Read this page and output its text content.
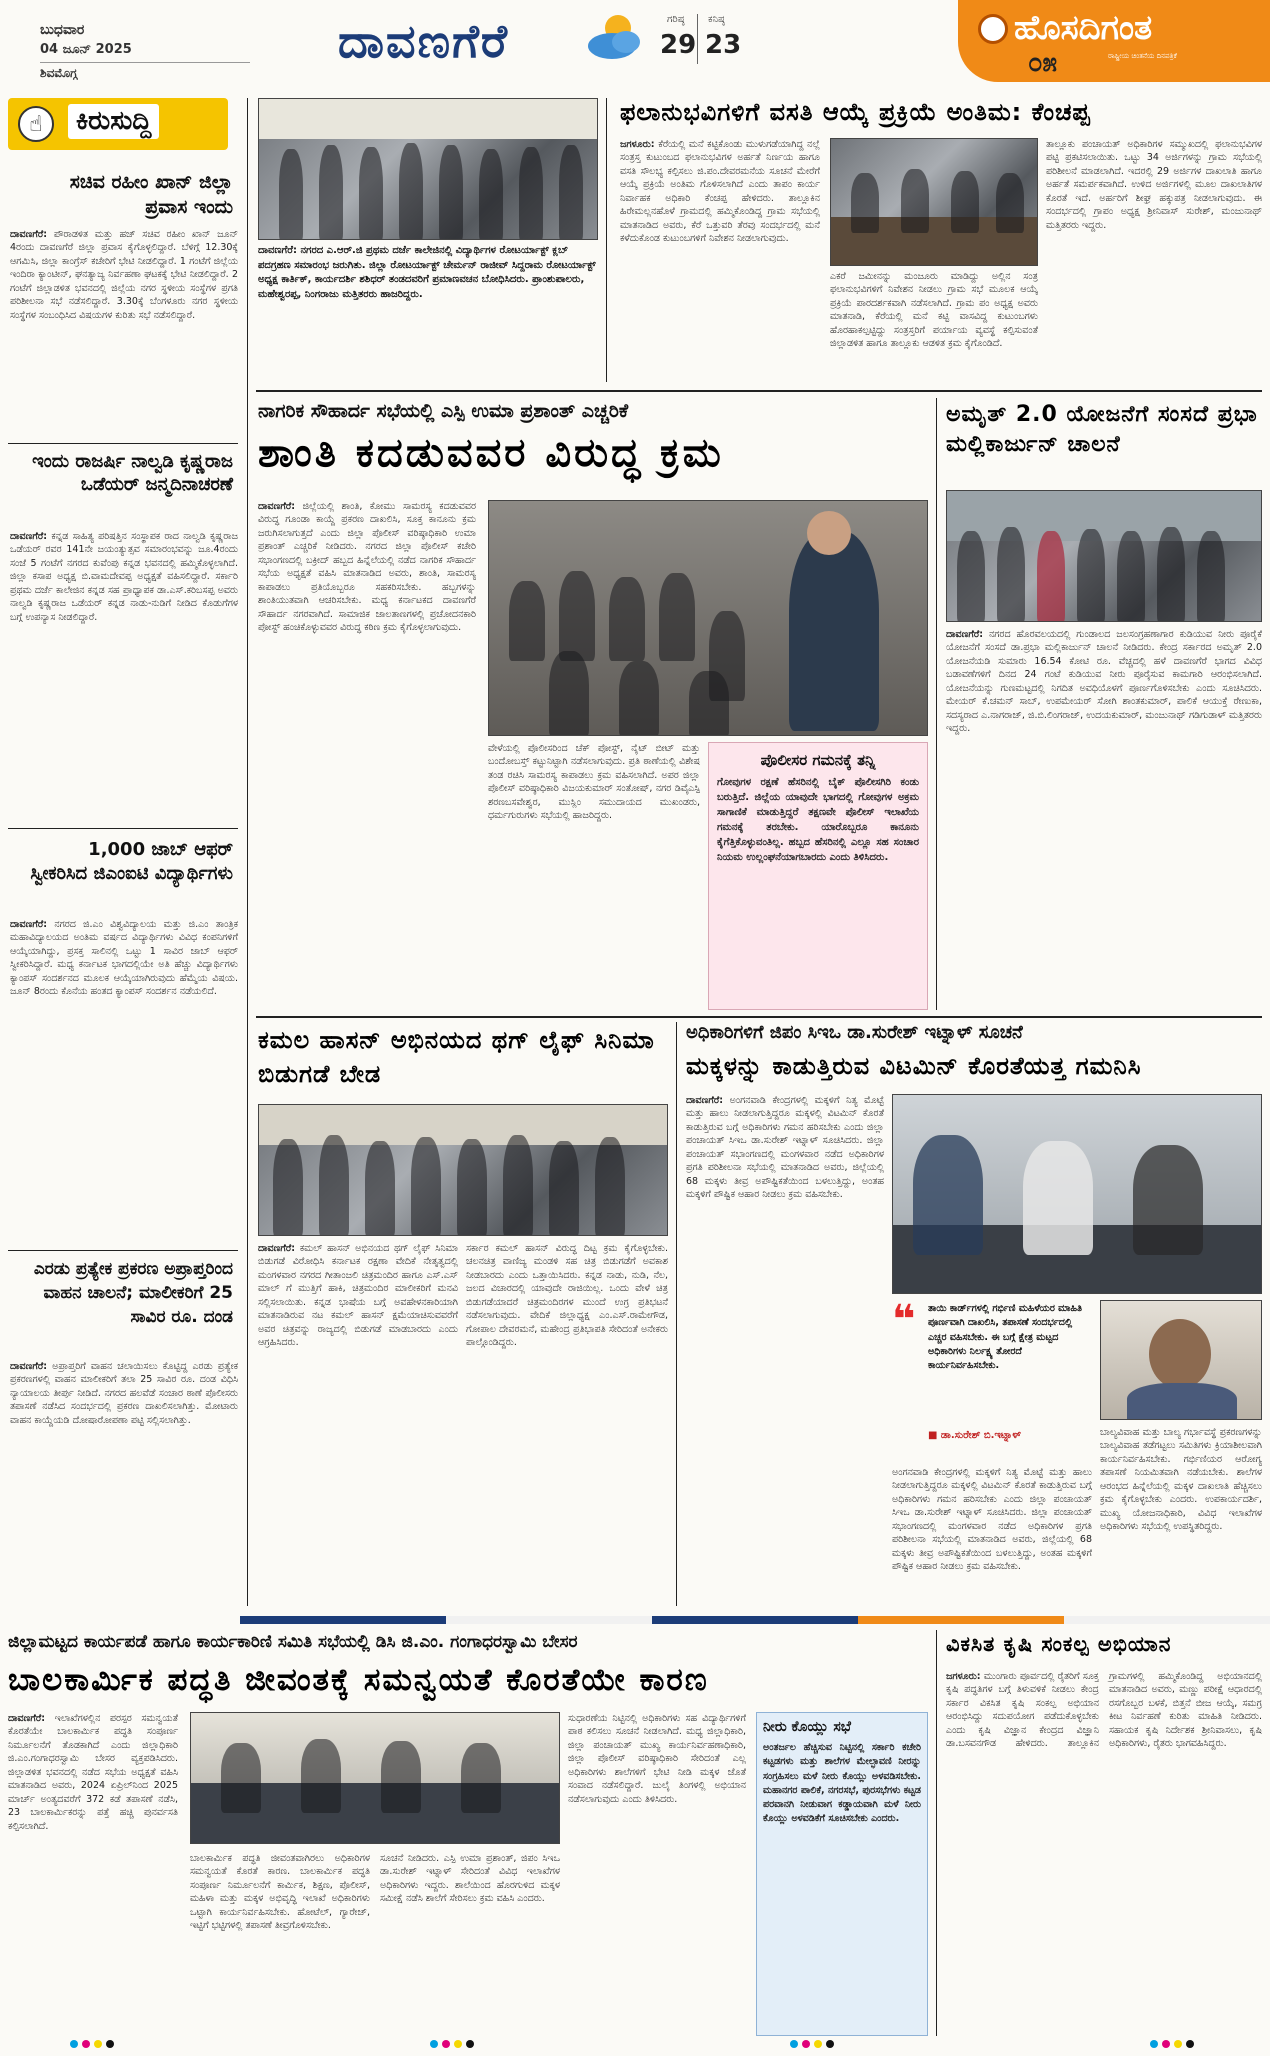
ಬುಧವಾರ
04 ಜೂನ್ 2025
ಶಿವಮೊಗ್ಗ
ದಾವಣಗೆರೆ	ಗರಿಷ್ಠ
29
ಕನಿಷ್ಠ
23	ಹೊಸದಿಗಂತ
ರಾಷ್ಟ್ರೀಯ ಚಿಂತನೆಯ ದಿನಪತ್ರಿಕೆ
೦೫
☝	ಕಿರುಸುದ್ದಿ
ಸಚಿವ ರಹೀಂ ಖಾನ್ ಜಿಲ್ಲಾ ಪ್ರವಾಸ ಇಂದು
ದಾವಣಗೆರೆ: ಪೌರಾಡಳಿತ ಮತ್ತು ಹಜ್ ಸಚಿವ ರಹೀಂ ಖಾನ್ ಜೂನ್ 4ರಂದು ದಾವಣಗೆರೆ ಜಿಲ್ಲಾ ಪ್ರವಾಸ ಕೈಗೊಳ್ಳಲಿದ್ದಾರೆ. ಬೆಳಿಗ್ಗೆ 12.30ಕ್ಕೆ ಆಗಮಿಸಿ, ಜಿಲ್ಲಾ ಕಾಂಗ್ರೆಸ್ ಕಚೇರಿಗೆ ಭೇಟಿ ನೀಡಲಿದ್ದಾರೆ. 1 ಗಂಟೆಗೆ ಜಿಲ್ಲೆಯ ಇಂದಿರಾ ಕ್ಯಾಂಟೀನ್, ಘನತ್ಯಾಜ್ಯ ನಿರ್ವಹಣಾ ಘಟಕಕ್ಕೆ ಭೇಟಿ ನೀಡಲಿದ್ದಾರೆ. 2 ಗಂಟೆಗೆ ಜಿಲ್ಲಾಡಳಿತ ಭವನದಲ್ಲಿ ಜಿಲ್ಲೆಯ ನಗರ ಸ್ಥಳೀಯ ಸಂಸ್ಥೆಗಳ ಪ್ರಗತಿ ಪರಿಶೀಲನಾ ಸಭೆ ನಡೆಸಲಿದ್ದಾರೆ. 3.30ಕ್ಕೆ ಬೆಂಗಳೂರು ನಗರ ಸ್ಥಳೀಯ ಸಂಸ್ಥೆಗಳ ಸಂಬಂಧಿಸಿದ ವಿಷಯಗಳ ಕುರಿತು ಸಭೆ ನಡೆಸಲಿದ್ದಾರೆ.
ಇಂದು ರಾಜರ್ಷಿ ನಾಲ್ವಡಿ ಕೃಷ್ಣರಾಜ ಒಡೆಯರ್ ಜನ್ಮದಿನಾಚರಣೆ
ದಾವಣಗೆರೆ: ಕನ್ನಡ ಸಾಹಿತ್ಯ ಪರಿಷತ್ತಿನ ಸಂಸ್ಥಾಪಕ ರಾದ ನಾಲ್ವಡಿ ಕೃಷ್ಣರಾಜ ಒಡೆಯರ್ ರವರ 141ನೇ ಜಯಂತ್ಯುತ್ಸವ ಸಮಾರಂಭವನ್ನು ಜೂ.4ರಂದು ಸಂಜೆ 5 ಗಂಟೆಗೆ ನಗರದ ಕುವೆಂಪು ಕನ್ನಡ ಭವನದಲ್ಲಿ ಹಮ್ಮಿಕೊಳ್ಳಲಾಗಿದೆ. ಜಿಲ್ಲಾ ಕಸಾಪ ಅಧ್ಯಕ್ಷ ಬಿ.ವಾಮದೇವಪ್ಪ ಅಧ್ಯಕ್ಷತೆ ವಹಿಸಲಿದ್ದಾರೆ. ಸರ್ಕಾರಿ ಪ್ರಥಮ ದರ್ಜೆ ಕಾಲೇಜಿನ ಕನ್ನಡ ಸಹ ಪ್ರಾಧ್ಯಾಪಕ ಡಾ.ಎಸ್.ಕರಿಬಸಪ್ಪ ಅವರು ನಾಲ್ವಡಿ ಕೃಷ್ಣರಾಜ ಒಡೆಯರ್ ಕನ್ನಡ ನಾಡು-ನುಡಿಗೆ ನೀಡಿದ ಕೊಡುಗೆಗಳ ಬಗ್ಗೆ ಉಪನ್ಯಾಸ ನೀಡಲಿದ್ದಾರೆ.
1,000 ಜಾಬ್ ಆಫರ್ ಸ್ವೀಕರಿಸಿದ ಜಿಎಂಐಟಿ ವಿದ್ಯಾರ್ಥಿಗಳು
ದಾವಣಗೆರೆ: ನಗರದ ಜಿ.ಎಂ ವಿಶ್ವವಿದ್ಯಾಲಯ ಮತ್ತು ಜಿ.ಎಂ ತಾಂತ್ರಿಕ ಮಹಾವಿದ್ಯಾಲಯದ ಅಂತಿಮ ವರ್ಷದ ವಿದ್ಯಾರ್ಥಿಗಳು ವಿವಿಧ ಕಂಪನಿಗಳಿಗೆ ಆಯ್ಕೆಯಾಗಿದ್ದು, ಪ್ರಸಕ್ತ ಸಾಲಿನಲ್ಲಿ ಒಟ್ಟು 1 ಸಾವಿರ ಜಾಬ್ ಆಫರ್ ಸ್ವೀಕರಿಸಿದ್ದಾರೆ. ಮಧ್ಯ ಕರ್ನಾಟಕ ಭಾಗದಲ್ಲಿಯೇ ಅತಿ ಹೆಚ್ಚು ವಿದ್ಯಾರ್ಥಿಗಳು ಕ್ಯಾಂಪಸ್ ಸಂದರ್ಶನದ ಮೂಲಕ ಆಯ್ಕೆಯಾಗಿರುವುದು ಹೆಮ್ಮೆಯ ವಿಷಯ. ಜೂನ್ 8ರಂದು ಕೊನೆಯ ಹಂತದ ಕ್ಯಾಂಪಸ್ ಸಂದರ್ಶನ ನಡೆಯಲಿದೆ.
ಎರಡು ಪ್ರತ್ಯೇಕ ಪ್ರಕರಣ ಅಪ್ರಾಪ್ತರಿಂದ ವಾಹನ ಚಾಲನೆ; ಮಾಲೀಕರಿಗೆ 25 ಸಾವಿರ ರೂ. ದಂಡ
ದಾವಣಗೆರೆ: ಅಪ್ರಾಪ್ತರಿಗೆ ವಾಹನ ಚಲಾಯಿಸಲು ಕೊಟ್ಟಿದ್ದ ಎರಡು ಪ್ರತ್ಯೇಕ ಪ್ರಕರಣಗಳಲ್ಲಿ ವಾಹನ ಮಾಲೀಕರಿಗೆ ತಲಾ 25 ಸಾವಿರ ರೂ. ದಂಡ ವಿಧಿಸಿ ನ್ಯಾಯಾಲಯ ತೀರ್ಪು ನೀಡಿದೆ. ನಗರದ ಹಲವೆಡೆ ಸಂಚಾರ ಠಾಣೆ ಪೊಲೀಸರು ತಪಾಸಣೆ ನಡೆಸಿದ ಸಂದರ್ಭದಲ್ಲಿ ಪ್ರಕರಣ ದಾಖಲಿಸಲಾಗಿತ್ತು. ಮೋಟಾರು ವಾಹನ ಕಾಯ್ದೆಯಡಿ ದೋಷಾರೋಪಣಾ ಪಟ್ಟಿ ಸಲ್ಲಿಸಲಾಗಿತ್ತು.
ದಾವಣಗೆರೆ: ನಗರದ ಎ.ಆರ್.ಜಿ ಪ್ರಥಮ ದರ್ಜೆ ಕಾಲೇಜಿನಲ್ಲಿ ವಿದ್ಯಾರ್ಥಿಗಳ ರೋಟರ್ಯಾಕ್ಟ್ ಕ್ಲಬ್ ಪದಗ್ರಹಣ ಸಮಾರಂಭ ಜರುಗಿತು. ಜಿಲ್ಲಾ ರೋಟರ್ಯಾಕ್ಟ್ ಚೇರ್ಮನ್ ರಾಜೀವ್ ಸಿದ್ದರಾಮ ರೋಟರ್ಯಾಕ್ಟ್ ಅಧ್ಯಕ್ಷ ಕಾರ್ತಿಕ್, ಕಾರ್ಯದರ್ಶಿ ಶಶಿಧರ್ ತಂಡದವರಿಗೆ ಪ್ರಮಾಣವಚನ ಬೋಧಿಸಿದರು. ಪ್ರಾಂಶುಪಾಲರು, ಮಹೇಶ್ವರಪ್ಪ, ನಿಂಗರಾಜು ಮತ್ತಿತರರು ಹಾಜರಿದ್ದರು.
ಫಲಾನುಭವಿಗಳಿಗೆ ವಸತಿ ಆಯ್ಕೆ ಪ್ರಕ್ರಿಯೆ ಅಂತಿಮ: ಕೆಂಚಪ್ಪ
ಜಗಳೂರು: ಕೆರೆಯಲ್ಲಿ ಮನೆ ಕಟ್ಟಿಕೊಂಡು ಮುಳುಗಡೆಯಾಗಿದ್ದ ನಲ್ಲೆ ಸಂತ್ರಸ್ತ ಕುಟುಂಬದ ಫಲಾನುಭವಿಗಳ ಅರ್ಹತೆ ನಿರ್ಣಯ ಹಾಗೂ ವಸತಿ ಸೌಲಭ್ಯ ಕಲ್ಪಿಸಲು ಜಿ.ಪಂ.ದೇವರಮನೆಯ ಸೂಚನೆ ಮೇರೆಗೆ ಆಯ್ಕೆ ಪ್ರಕ್ರಿಯೆ ಅಂತಿಮ ಗೊಳಿಸಲಾಗಿದೆ ಎಂದು ತಾಪಂ ಕಾರ್ಯ ನಿರ್ವಾಹಕ ಅಧಿಕಾರಿ ಕೆಂಚಪ್ಪ ಹೇಳಿದರು. ತಾಲ್ಲೂಕಿನ ಹಿರೇಮಲ್ಲನಹೊಳೆ ಗ್ರಾಮದಲ್ಲಿ ಹಮ್ಮಿಕೊಂಡಿದ್ದ ಗ್ರಾಮ ಸಭೆಯಲ್ಲಿ ಮಾತನಾಡಿದ ಅವರು, ಕೆರೆ ಒತ್ತುವರಿ ತೆರವು ಸಂದರ್ಭದಲ್ಲಿ ಮನೆ ಕಳೆದುಕೊಂಡ ಕುಟುಂಬಗಳಿಗೆ ನಿವೇಶನ ನೀಡಲಾಗುವುದು.
ಎಕರೆ ಜಮೀನನ್ನು ಮಂಜೂರು ಮಾಡಿದ್ದು ಅಲ್ಲಿನ ಸಂತ್ರ ಫಲಾನುಭವಿಗಳಿಗೆ ನಿವೇಶನ ನೀಡಲು ಗ್ರಾಮ ಸಭೆ ಮೂಲಕ ಆಯ್ಕೆ ಪ್ರಕ್ರಿಯೆ ಪಾರದರ್ಶಕವಾಗಿ ನಡೆಸಲಾಗಿದೆ. ಗ್ರಾಮ ಪಂ ಅಧ್ಯಕ್ಷ ಅವರು ಮಾತನಾಡಿ, ಕೆರೆಯಲ್ಲಿ ಮನೆ ಕಟ್ಟಿ ವಾಸವಿದ್ದ ಕುಟುಂಬಗಳು ಹೊರಹಾಕಲ್ಪಟ್ಟಿದ್ದು ಸಂತ್ರಸ್ತರಿಗೆ ಪರ್ಯಾಯ ವ್ಯವಸ್ಥೆ ಕಲ್ಪಿಸುವಂತೆ ಜಿಲ್ಲಾಡಳಿತ ಹಾಗೂ ತಾಲ್ಲೂಕು ಆಡಳಿತ ಕ್ರಮ ಕೈಗೊಂಡಿದೆ.
ತಾಲ್ಲೂಕು ಪಂಚಾಯತ್ ಅಧಿಕಾರಿಗಳ ಸಮ್ಮುಖದಲ್ಲಿ ಫಲಾನುಭವಿಗಳ ಪಟ್ಟಿ ಪ್ರಕಟಿಸಲಾಯಿತು. ಒಟ್ಟು 34 ಅರ್ಜಿಗಳನ್ನು ಗ್ರಾಮ ಸಭೆಯಲ್ಲಿ ಪರಿಶೀಲನೆ ಮಾಡಲಾಗಿದೆ. ಇದರಲ್ಲಿ 29 ಅರ್ಜಿಗಳ ದಾಖಲಾತಿ ಹಾಗೂ ಅರ್ಹತೆ ಸಮರ್ಪಕವಾಗಿದೆ. ಉಳಿದ ಅರ್ಜಿಗಳಲ್ಲಿ ಮೂಲ ದಾಖಲಾತಿಗಳ ಕೊರತೆ ಇದೆ. ಅರ್ಹರಿಗೆ ಶೀಘ್ರ ಹಕ್ಕುಪತ್ರ ನೀಡಲಾಗುವುದು. ಈ ಸಂದರ್ಭದಲ್ಲಿ ಗ್ರಾಪಂ ಅಧ್ಯಕ್ಷ ಶ್ರೀನಿವಾಸ್ ಸುರೇಶ್, ಮಂಜುನಾಥ್ ಮತ್ತಿತರರು ಇದ್ದರು.
ನಾಗರಿಕ ಸೌಹಾರ್ದ ಸಭೆಯಲ್ಲಿ ಎಸ್ಪಿ ಉಮಾ ಪ್ರಶಾಂತ್ ಎಚ್ಚರಿಕೆ
ಶಾಂತಿ ಕದಡುವವರ ವಿರುದ್ಧ ಕ್ರಮ
ದಾವಣಗೆರೆ: ಜಿಲ್ಲೆಯಲ್ಲಿ ಶಾಂತಿ, ಕೋಮು ಸಾಮರಸ್ಯ ಕದಡುವವರ ವಿರುದ್ಧ ಗೂಂಡಾ ಕಾಯ್ದೆ ಪ್ರಕರಣ ದಾಖಲಿಸಿ, ಸೂಕ್ತ ಕಾನೂನು ಕ್ರಮ ಜರುಗಿಸಲಾಗುತ್ತದೆ ಎಂದು ಜಿಲ್ಲಾ ಪೊಲೀಸ್ ವರಿಷ್ಠಾಧಿಕಾರಿ ಉಮಾ ಪ್ರಶಾಂತ್ ಎಚ್ಚರಿಕೆ ನೀಡಿದರು. ನಗರದ ಜಿಲ್ಲಾ ಪೊಲೀಸ್ ಕಚೇರಿ ಸಭಾಂಗಣದಲ್ಲಿ ಬಕ್ರೀದ್ ಹಬ್ಬದ ಹಿನ್ನೆಲೆಯಲ್ಲಿ ನಡೆದ ನಾಗರಿಕ ಸೌಹಾರ್ದ ಸಭೆಯ ಅಧ್ಯಕ್ಷತೆ ವಹಿಸಿ ಮಾತನಾಡಿದ ಅವರು, ಶಾಂತಿ, ಸಾಮರಸ್ಯ ಕಾಪಾಡಲು ಪ್ರತಿಯೊಬ್ಬರೂ ಸಹಕರಿಸಬೇಕು. ಹಬ್ಬಗಳನ್ನು ಶಾಂತಿಯುತವಾಗಿ ಆಚರಿಸಬೇಕು. ಮಧ್ಯ ಕರ್ನಾಟಕದ ದಾವಣಗೆರೆ ಸೌಹಾರ್ದ ನಗರವಾಗಿದೆ. ಸಾಮಾಜಿಕ ಜಾಲತಾಣಗಳಲ್ಲಿ ಪ್ರಚೋದನಕಾರಿ ಪೋಸ್ಟ್ ಹಂಚಿಕೊಳ್ಳುವವರ ವಿರುದ್ಧ ಕಠಿಣ ಕ್ರಮ ಕೈಗೊಳ್ಳಲಾಗುವುದು.
ವೇಳೆಯಲ್ಲಿ ಪೊಲೀಸರಿಂದ ಚೆಕ್ ಪೋಸ್ಟ್, ನೈಟ್ ಬೀಟ್ ಮತ್ತು ಬಂದೋಬಸ್ತ್ ಕಟ್ಟುನಿಟ್ಟಾಗಿ ನಡೆಸಲಾಗುವುದು. ಪ್ರತಿ ಠಾಣೆಯಲ್ಲಿ ವಿಶೇಷ ತಂಡ ರಚಿಸಿ ಸಾಮರಸ್ಯ ಕಾಪಾಡಲು ಕ್ರಮ ವಹಿಸಲಾಗಿದೆ. ಅಪರ ಜಿಲ್ಲಾ ಪೊಲೀಸ್ ವರಿಷ್ಠಾಧಿಕಾರಿ ವಿಜಯಕುಮಾರ್ ಸಂತೋಷ್, ನಗರ ಡಿವೈಎಸ್ಪಿ ಶರಣಬಸವೇಶ್ವರ, ಮುಸ್ಲಿಂ ಸಮುದಾಯದ ಮುಖಂಡರು, ಧರ್ಮಗುರುಗಳು ಸಭೆಯಲ್ಲಿ ಹಾಜರಿದ್ದರು.
ಪೊಲೀಸರ ಗಮನಕ್ಕೆ ತನ್ನಿ
ಗೋವುಗಳ ರಕ್ಷಣೆ ಹೆಸರಿನಲ್ಲಿ ಬೈಕ್ ಪೊಲೀಸಗಿರಿ ಕಂಡು ಬರುತ್ತಿದೆ. ಜಿಲ್ಲೆಯ ಯಾವುದೇ ಭಾಗದಲ್ಲಿ ಗೋವುಗಳ ಅಕ್ರಮ ಸಾಗಾಣಿಕೆ ಮಾಡುತ್ತಿದ್ದರೆ ತಕ್ಷಣವೇ ಪೊಲೀಸ್ ಇಲಾಖೆಯ ಗಮನಕ್ಕೆ ತರಬೇಕು. ಯಾರೊಬ್ಬರೂ ಕಾನೂನು ಕೈಗೆತ್ತಿಕೊಳ್ಳುವಂತಿಲ್ಲ. ಹಬ್ಬದ ಹೆಸರಿನಲ್ಲಿ ಎಲ್ಲೂ ಸಹ ಸಂಚಾರ ನಿಯಮ ಉಲ್ಲಂಘನೆಯಾಗಬಾರದು ಎಂದು ತಿಳಿಸಿದರು.
ಅಮೃತ್ 2.0 ಯೋಜನೆಗೆ ಸಂಸದೆ ಪ್ರಭಾ ಮಲ್ಲಿಕಾರ್ಜುನ್ ಚಾಲನೆ
ದಾವಣಗೆರೆ: ನಗರದ ಹೊರವಲಯದಲ್ಲಿ ಗುಂಡಾಲದ ಜಲಸಂಗ್ರಹಣಾಗಾರ ಕುಡಿಯುವ ನೀರು ಪೂರೈಕೆ ಯೋಜನೆಗೆ ಸಂಸದೆ ಡಾ.ಪ್ರಭಾ ಮಲ್ಲಿಕಾರ್ಜುನ್ ಚಾಲನೆ ನೀಡಿದರು. ಕೇಂದ್ರ ಸರ್ಕಾರದ ಅಮೃತ್ 2.0 ಯೋಜನೆಯಡಿ ಸುಮಾರು 16.54 ಕೋಟಿ ರೂ. ವೆಚ್ಚದಲ್ಲಿ ಹಳೆ ದಾವಣಗೆರೆ ಭಾಗದ ವಿವಿಧ ಬಡಾವಣೆಗಳಿಗೆ ದಿನದ 24 ಗಂಟೆ ಕುಡಿಯುವ ನೀರು ಪೂರೈಸುವ ಕಾಮಗಾರಿ ಆರಂಭಿಸಲಾಗಿದೆ. ಯೋಜನೆಯನ್ನು ಗುಣಮಟ್ಟದಲ್ಲಿ ನಿಗದಿತ ಅವಧಿಯೊಳಗೆ ಪೂರ್ಣಗೊಳಿಸಬೇಕು ಎಂದು ಸೂಚಿಸಿದರು. ಮೇಯರ್ ಕೆ.ಚಮನ್ ಸಾಬ್, ಉಪಮೇಯರ್ ಸೋಗಿ ಶಾಂತಕುಮಾರ್, ಪಾಲಿಕೆ ಆಯುಕ್ತೆ ರೇಣುಕಾ, ಸದಸ್ಯರಾದ ಎ.ನಾಗರಾಜ್, ಜಿ.ಬಿ.ಲಿಂಗರಾಜ್, ಉದಯಕುಮಾರ್, ಮಂಜುನಾಥ್ ಗಡಿಗುಡಾಳ್ ಮತ್ತಿತರರು ಇದ್ದರು.
ಕಮಲ ಹಾಸನ್ ಅಭಿನಯದ ಥಗ್ ಲೈಫ್ ಸಿನಿಮಾ ಬಿಡುಗಡೆ ಬೇಡ
ದಾವಣಗೆರೆ: ಕಮಲ್ ಹಾಸನ್ ಅಭಿನಯದ ಥಗ್ ಲೈಫ್ ಸಿನಿಮಾ ಬಿಡುಗಡೆ ವಿರೋಧಿಸಿ ಕರ್ನಾಟಕ ರಕ್ಷಣಾ ವೇದಿಕೆ ನೇತೃತ್ವದಲ್ಲಿ ಮಂಗಳವಾರ ನಗರದ ಗೀತಾಂಜಲಿ ಚಿತ್ರಮಂದಿರ ಹಾಗೂ ಎಸ್.ಎಸ್ ಮಾಲ್ ಗೆ ಮುತ್ತಿಗೆ ಹಾಕಿ, ಚಿತ್ರಮಂದಿರ ಮಾಲೀಕರಿಗೆ ಮನವಿ ಸಲ್ಲಿಸಲಾಯಿತು. ಕನ್ನಡ ಭಾಷೆಯ ಬಗ್ಗೆ ಅವಹೇಳನಕಾರಿಯಾಗಿ ಮಾತನಾಡಿರುವ ನಟ ಕಮಲ್ ಹಾಸನ್ ಕ್ಷಮೆಯಾಚಿಸುವವರೆಗೆ ಅವರ ಚಿತ್ರವನ್ನು ರಾಜ್ಯದಲ್ಲಿ ಬಿಡುಗಡೆ ಮಾಡಬಾರದು ಎಂದು ಆಗ್ರಹಿಸಿದರು.
ಸರ್ಕಾರ ಕಮಲ್ ಹಾಸನ್ ವಿರುದ್ಧ ದಿಟ್ಟ ಕ್ರಮ ಕೈಗೊಳ್ಳಬೇಕು. ಚಲನಚಿತ್ರ ವಾಣಿಜ್ಯ ಮಂಡಳಿ ಸಹ ಚಿತ್ರ ಬಿಡುಗಡೆಗೆ ಅವಕಾಶ ನೀಡಬಾರದು ಎಂದು ಒತ್ತಾಯಿಸಿದರು. ಕನ್ನಡ ನಾಡು, ನುಡಿ, ನೆಲ, ಜಲದ ವಿಚಾರದಲ್ಲಿ ಯಾವುದೇ ರಾಜಿಯಿಲ್ಲ. ಒಂದು ವೇಳೆ ಚಿತ್ರ ಬಿಡುಗಡೆಯಾದರೆ ಚಿತ್ರಮಂದಿರಗಳ ಮುಂದೆ ಉಗ್ರ ಪ್ರತಿಭಟನೆ ನಡೆಸಲಾಗುವುದು. ವೇದಿಕೆ ಜಿಲ್ಲಾಧ್ಯಕ್ಷ ಎಂ.ಎಸ್.ರಾಮೇಗೌಡ, ಗೋಪಾಲ ದೇವರಮನೆ, ಮಹೇಂದ್ರ ಪ್ರತಿಭಾಪತಿ ಸೇರಿದಂತೆ ಅನೇಕರು ಪಾಲ್ಗೊಂಡಿದ್ದರು.
ಅಧಿಕಾರಿಗಳಿಗೆ ಜಿಪಂ ಸಿಇಒ ಡಾ.ಸುರೇಶ್ ಇಟ್ನಾಳ್ ಸೂಚನೆ
ಮಕ್ಕಳನ್ನು ಕಾಡುತ್ತಿರುವ ವಿಟಮಿನ್ ಕೊರತೆಯತ್ತ ಗಮನಿಸಿ
ದಾವಣಗೆರೆ: ಅಂಗನವಾಡಿ ಕೇಂದ್ರಗಳಲ್ಲಿ ಮಕ್ಕಳಿಗೆ ನಿತ್ಯ ಮೊಟ್ಟೆ ಮತ್ತು ಹಾಲು ನೀಡಲಾಗುತ್ತಿದ್ದರೂ ಮಕ್ಕಳಲ್ಲಿ ವಿಟಮಿನ್ ಕೊರತೆ ಕಾಡುತ್ತಿರುವ ಬಗ್ಗೆ ಅಧಿಕಾರಿಗಳು ಗಮನ ಹರಿಸಬೇಕು ಎಂದು ಜಿಲ್ಲಾ ಪಂಚಾಯತ್ ಸಿಇಒ ಡಾ.ಸುರೇಶ್ ಇಟ್ನಾಳ್ ಸೂಚಿಸಿದರು. ಜಿಲ್ಲಾ ಪಂಚಾಯತ್ ಸಭಾಂಗಣದಲ್ಲಿ ಮಂಗಳವಾರ ನಡೆದ ಅಧಿಕಾರಿಗಳ ಪ್ರಗತಿ ಪರಿಶೀಲನಾ ಸಭೆಯಲ್ಲಿ ಮಾತನಾಡಿದ ಅವರು, ಜಿಲ್ಲೆಯಲ್ಲಿ 68 ಮಕ್ಕಳು ತೀವ್ರ ಅಪೌಷ್ಟಿಕತೆಯಿಂದ ಬಳಲುತ್ತಿದ್ದು, ಅಂತಹ ಮಕ್ಕಳಿಗೆ ಪೌಷ್ಟಿಕ ಆಹಾರ ನೀಡಲು ಕ್ರಮ ವಹಿಸಬೇಕು.
❝ ತಾಯಿ ಕಾರ್ಡ್‌ಗಳಲ್ಲಿ ಗರ್ಭಿಣಿ ಮಹಿಳೆಯರ ಮಾಹಿತಿ ಪೂರ್ಣವಾಗಿ ದಾಖಲಿಸಿ, ತಪಾಸಣೆ ಸಂದರ್ಭದಲ್ಲಿ ಎಚ್ಚರ ವಹಿಸಬೇಕು. ಈ ಬಗ್ಗೆ ಕ್ಷೇತ್ರ ಮಟ್ಟದ ಅಧಿಕಾರಿಗಳು ನಿರ್ಲಕ್ಷ್ಯ ತೋರದೆ ಕಾರ್ಯನಿರ್ವಹಿಸಬೇಕು.
■ ಡಾ.ಸುರೇಶ್ ಬಿ.ಇಟ್ನಾಳ್	ಬಾಲ್ಯವಿವಾಹ ಮತ್ತು ಬಾಲ್ಯ ಗರ್ಭಾವಸ್ಥೆ ಪ್ರಕರಣಗಳನ್ನು ಬಾಲ್ಯವಿವಾಹ ತಡೆಗಟ್ಟಲು ಸಮಿತಿಗಳು ಕ್ರಿಯಾಶೀಲವಾಗಿ ಕಾರ್ಯನಿರ್ವಹಿಸಬೇಕು. ಗರ್ಭಿಣಿಯರ ಆರೋಗ್ಯ ತಪಾಸಣೆ ನಿಯಮಿತವಾಗಿ ನಡೆಯಬೇಕು. ಶಾಲೆಗಳ ಆರಂಭದ ಹಿನ್ನೆಲೆಯಲ್ಲಿ ಮಕ್ಕಳ ದಾಖಲಾತಿ ಹೆಚ್ಚಿಸಲು ಕ್ರಮ ಕೈಗೊಳ್ಳಬೇಕು ಎಂದರು. ಉಪಕಾರ್ಯದರ್ಶಿ, ಮುಖ್ಯ ಯೋಜನಾಧಿಕಾರಿ, ವಿವಿಧ ಇಲಾಖೆಗಳ ಅಧಿಕಾರಿಗಳು ಸಭೆಯಲ್ಲಿ ಉಪಸ್ಥಿತರಿದ್ದರು.
ಅಂಗನವಾಡಿ ಕೇಂದ್ರಗಳಲ್ಲಿ ಮಕ್ಕಳಿಗೆ ನಿತ್ಯ ಮೊಟ್ಟೆ ಮತ್ತು ಹಾಲು ನೀಡಲಾಗುತ್ತಿದ್ದರೂ ಮಕ್ಕಳಲ್ಲಿ ವಿಟಮಿನ್ ಕೊರತೆ ಕಾಡುತ್ತಿರುವ ಬಗ್ಗೆ ಅಧಿಕಾರಿಗಳು ಗಮನ ಹರಿಸಬೇಕು ಎಂದು ಜಿಲ್ಲಾ ಪಂಚಾಯತ್ ಸಿಇಒ ಡಾ.ಸುರೇಶ್ ಇಟ್ನಾಳ್ ಸೂಚಿಸಿದರು. ಜಿಲ್ಲಾ ಪಂಚಾಯತ್ ಸಭಾಂಗಣದಲ್ಲಿ ಮಂಗಳವಾರ ನಡೆದ ಅಧಿಕಾರಿಗಳ ಪ್ರಗತಿ ಪರಿಶೀಲನಾ ಸಭೆಯಲ್ಲಿ ಮಾತನಾಡಿದ ಅವರು, ಜಿಲ್ಲೆಯಲ್ಲಿ 68 ಮಕ್ಕಳು ತೀವ್ರ ಅಪೌಷ್ಟಿಕತೆಯಿಂದ ಬಳಲುತ್ತಿದ್ದು, ಅಂತಹ ಮಕ್ಕಳಿಗೆ ಪೌಷ್ಟಿಕ ಆಹಾರ ನೀಡಲು ಕ್ರಮ ವಹಿಸಬೇಕು.
ಜಿಲ್ಲಾಮಟ್ಟದ ಕಾರ್ಯಪಡೆ ಹಾಗೂ ಕಾರ್ಯಕಾರಿಣಿ ಸಮಿತಿ ಸಭೆಯಲ್ಲಿ ಡಿಸಿ ಜಿ.ಎಂ. ಗಂಗಾಧರಸ್ವಾಮಿ ಬೇಸರ
ಬಾಲಕಾರ್ಮಿಕ ಪದ್ಧತಿ ಜೀವಂತಕ್ಕೆ ಸಮನ್ವಯತೆ ಕೊರತೆಯೇ ಕಾರಣ
ದಾವಣಗೆರೆ: ಇಲಾಖೆಗಳಲ್ಲಿನ ಪರಸ್ಪರ ಸಮನ್ವಯತೆ ಕೊರತೆಯೇ ಬಾಲಕಾರ್ಮಿಕ ಪದ್ಧತಿ ಸಂಪೂರ್ಣ ನಿರ್ಮೂಲನೆಗೆ ತೊಡಕಾಗಿದೆ ಎಂದು ಜಿಲ್ಲಾಧಿಕಾರಿ ಜಿ.ಎಂ.ಗಂಗಾಧರಸ್ವಾಮಿ ಬೇಸರ ವ್ಯಕ್ತಪಡಿಸಿದರು. ಜಿಲ್ಲಾಡಳಿತ ಭವನದಲ್ಲಿ ನಡೆದ ಸಭೆಯ ಅಧ್ಯಕ್ಷತೆ ವಹಿಸಿ ಮಾತನಾಡಿದ ಅವರು, 2024 ಏಪ್ರಿಲ್‌ನಿಂದ 2025 ಮಾರ್ಚ್ ಅಂತ್ಯದವರೆಗೆ 372 ಕಡೆ ತಪಾಸಣೆ ನಡೆಸಿ, 23 ಬಾಲಕಾರ್ಮಿಕರನ್ನು ಪತ್ತೆ ಹಚ್ಚಿ ಪುನರ್ವಸತಿ ಕಲ್ಪಿಸಲಾಗಿದೆ.
ಬಾಲಕಾರ್ಮಿಕ ಪದ್ಧತಿ ಜೀವಂತವಾಗಿರಲು ಅಧಿಕಾರಿಗಳ ಸಮನ್ವಯತೆ ಕೊರತೆ ಕಾರಣ. ಬಾಲಕಾರ್ಮಿಕ ಪದ್ಧತಿ ಸಂಪೂರ್ಣ ನಿರ್ಮೂಲನೆಗೆ ಕಾರ್ಮಿಕ, ಶಿಕ್ಷಣ, ಪೊಲೀಸ್, ಮಹಿಳಾ ಮತ್ತು ಮಕ್ಕಳ ಅಭಿವೃದ್ಧಿ ಇಲಾಖೆ ಅಧಿಕಾರಿಗಳು ಒಟ್ಟಾಗಿ ಕಾರ್ಯನಿರ್ವಹಿಸಬೇಕು. ಹೋಟೆಲ್, ಗ್ಯಾರೇಜ್, ಇಟ್ಟಿಗೆ ಭಟ್ಟಿಗಳಲ್ಲಿ ತಪಾಸಣೆ ತೀವ್ರಗೊಳಿಸಬೇಕು.
ಸೂಚನೆ ನೀಡಿದರು. ಎಸ್ಪಿ ಉಮಾ ಪ್ರಶಾಂತ್, ಜಿಪಂ ಸಿಇಒ ಡಾ.ಸುರೇಶ್ ಇಟ್ನಾಳ್ ಸೇರಿದಂತೆ ವಿವಿಧ ಇಲಾಖೆಗಳ ಅಧಿಕಾರಿಗಳು ಇದ್ದರು. ಶಾಲೆಯಿಂದ ಹೊರಗುಳಿದ ಮಕ್ಕಳ ಸಮೀಕ್ಷೆ ನಡೆಸಿ ಶಾಲೆಗೆ ಸೇರಿಸಲು ಕ್ರಮ ವಹಿಸಿ ಎಂದರು.
ಸುಧಾರಣೆಯ ನಿಟ್ಟಿನಲ್ಲಿ ಅಧಿಕಾರಿಗಳು ಸಹ ವಿದ್ಯಾರ್ಥಿಗಳಿಗೆ ಪಾಠ ಕಲಿಸಲು ಸೂಚನೆ ನೀಡಲಾಗಿದೆ. ಮಧ್ಯ ಜಿಲ್ಲಾಧಿಕಾರಿ, ಜಿಲ್ಲಾ ಪಂಚಾಯತ್ ಮುಖ್ಯ ಕಾರ್ಯನಿರ್ವಹಣಾಧಿಕಾರಿ, ಜಿಲ್ಲಾ ಪೊಲೀಸ್ ವರಿಷ್ಠಾಧಿಕಾರಿ ಸೇರಿದಂತೆ ಎಲ್ಲ ಅಧಿಕಾರಿಗಳು ಶಾಲೆಗಳಿಗೆ ಭೇಟಿ ನೀಡಿ ಮಕ್ಕಳ ಜೊತೆ ಸಂವಾದ ನಡೆಸಲಿದ್ದಾರೆ. ಜುಲೈ ತಿಂಗಳಲ್ಲಿ ಅಭಿಯಾನ ನಡೆಸಲಾಗುವುದು ಎಂದು ತಿಳಿಸಿದರು.
ನೀರು ಕೊಯ್ಲು ಸಭೆ
ಅಂತರ್ಜಲ ಹೆಚ್ಚಿಸುವ ನಿಟ್ಟಿನಲ್ಲಿ ಸರ್ಕಾರಿ ಕಚೇರಿ ಕಟ್ಟಡಗಳು ಮತ್ತು ಶಾಲೆಗಳ ಮೇಲ್ಛಾವಣಿ ನೀರನ್ನು ಸಂಗ್ರಹಿಸಲು ಮಳೆ ನೀರು ಕೊಯ್ಲು ಅಳವಡಿಸಬೇಕು. ಮಹಾನಗರ ಪಾಲಿಕೆ, ನಗರಸಭೆ, ಪುರಸಭೆಗಳು ಕಟ್ಟಡ ಪರವಾನಗಿ ನೀಡುವಾಗ ಕಡ್ಡಾಯವಾಗಿ ಮಳೆ ನೀರು ಕೊಯ್ಲು ಅಳವಡಿಕೆಗೆ ಸೂಚಿಸಬೇಕು ಎಂದರು.
ವಿಕಸಿತ ಕೃಷಿ ಸಂಕಲ್ಪ ಅಭಿಯಾನ
ಜಗಳೂರು: ಮುಂಗಾರು ಪೂರ್ವದಲ್ಲಿ ರೈತರಿಗೆ ಸೂಕ್ತ ಕೃಷಿ ಪದ್ಧತಿಗಳ ಬಗ್ಗೆ ತಿಳುವಳಿಕೆ ನೀಡಲು ಕೇಂದ್ರ ಸರ್ಕಾರ ವಿಕಸಿತ ಕೃಷಿ ಸಂಕಲ್ಪ ಅಭಿಯಾನ ಆರಂಭಿಸಿದ್ದು ಸದುಪಯೋಗ ಪಡೆದುಕೊಳ್ಳಬೇಕು ಎಂದು ಕೃಷಿ ವಿಜ್ಞಾನ ಕೇಂದ್ರದ ವಿಜ್ಞಾನಿ ಡಾ.ಬಸವನಗೌಡ ಹೇಳಿದರು. ತಾಲ್ಲೂಕಿನ ಗ್ರಾಮಗಳಲ್ಲಿ ಹಮ್ಮಿಕೊಂಡಿದ್ದ ಅಭಿಯಾನದಲ್ಲಿ ಮಾತನಾಡಿದ ಅವರು, ಮಣ್ಣು ಪರೀಕ್ಷೆ ಆಧಾರದಲ್ಲಿ ರಸಗೊಬ್ಬರ ಬಳಕೆ, ಬಿತ್ತನೆ ಬೀಜ ಆಯ್ಕೆ, ಸಮಗ್ರ ಕೀಟ ನಿರ್ವಹಣೆ ಕುರಿತು ಮಾಹಿತಿ ನೀಡಿದರು. ಸಹಾಯಕ ಕೃಷಿ ನಿರ್ದೇಶಕ ಶ್ರೀನಿವಾಸಲು, ಕೃಷಿ ಅಧಿಕಾರಿಗಳು, ರೈತರು ಭಾಗವಹಿಸಿದ್ದರು.
